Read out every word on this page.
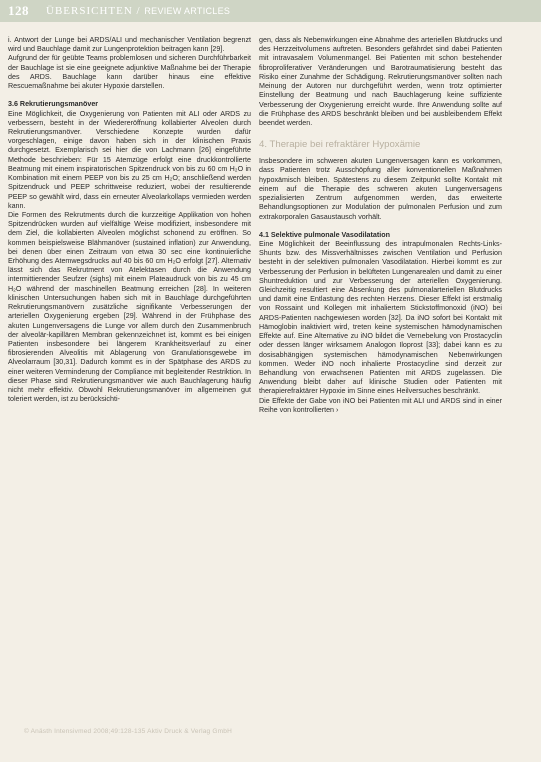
128 ÜBERSICHTEN / REVIEW ARTICLES

i. Antwort der Lunge bei ARDS/ALI und mechanischer Ventilation begrenzt wird und Bauchlage damit zur Lungenprotektion beitragen kann [29].

Aufgrund der für geübte Teams problemlosen und sicheren Durchführbarkeit der Bauchlage ist sie eine geeignete adjunktive Maßnahme bei der Therapie des ARDS. Bauchlage kann darüber hinaus eine effektive Rescuemaßnahme bei akuter Hypoxie darstellen.

3.6 Rekrutierungsmanöver

Eine Möglichkeit, die Oxygenierung von Patienten mit ALI oder ARDS zu verbessern, besteht in der Wiedereröffnung kollabierter Alveolen durch Rekrutierungsmanöver. Verschiedene Konzepte wurden dafür vorgeschlagen, einige davon haben sich in der klinischen Praxis durchgesetzt. Exemplarisch sei hier die von Lachmann [26] eingeführte Methode beschrieben: Für 15 Atemzüge erfolgt eine druckkontrollierte Beatmung mit einem inspiratorischen Spitzendruck von bis zu 60 cm H₂O in Kombination mit einem PEEP von bis zu 25 cm H₂O; anschließend werden Spitzendruck und PEEP schrittweise reduziert, wobei der resultierende PEEP so gewählt wird, dass ein erneuter Alveolarkollaps vermieden werden kann.

Die Formen des Rekrutments durch die kurzzeitige Applikation von hohen Spitzendrücken wurden auf vielfältige Weise modifiziert, insbesondere mit dem Ziel, die kollabierten Alveolen möglichst schonend zu eröffnen. So kommen beispielsweise Blähmanöver (sustained inflation) zur Anwendung, bei denen über einen Zeitraum von etwa 30 sec eine kontinuierliche Erhöhung des Atemwegsdrucks auf 40 bis 60 cm H₂O erfolgt [27]. Alternativ lässt sich das Rekrutment von Atelektasen durch die Anwendung intermittierender Seufzer (sighs) mit einem Plateaudruck von bis zu 45 cm H₂O während der maschinellen Beatmung erreichen [28]. In weiteren klinischen Untersuchungen haben sich mit in Bauchlage durchgeführten Rekrutierungsmanövern zusätzliche signifikante Verbesserungen der arteriellen Oxygenierung ergeben [29]. Während in der Frühphase des akuten Lungenversagens die Lunge vor allem durch den Zusammenbruch der alveolär-kapillären Membran gekennzeichnet ist, kommt es bei einigen Patienten insbesondere bei längerem Krankheitsverlauf zu einer fibrosierenden Alveolitis mit Ablagerung von Granulationsgewebe im Alveolarraum [30,31]. Dadurch kommt es in der Spätphase des ARDS zu einer weiteren Verminderung der Compliance mit begleitender Restriktion. In dieser Phase sind Rekrutierungsmanöver wie auch Bauchlagerung häufig nicht mehr effektiv. Obwohl Rekrutierungsmanöver im allgemeinen gut toleriert werden, ist zu berücksichti-

gen, dass als Nebenwirkungen eine Abnahme des arteriellen Blutdrucks und des Herzzeitvolumens auftreten. Besonders gefährdet sind dabei Patienten mit intravasalem Volumenmangel. Bei Patienten mit schon bestehender fibroproliferativer Veränderungen und Barotraumatisierung besteht das Risiko einer Zunahme der Schädigung. Rekrutierungsmanöver sollten nach Meinung der Autoren nur durchgeführt werden, wenn trotz optimierter Einstellung der Beatmung und nach Bauchlagerung keine suffiziente Verbesserung der Oxygenierung erreicht wurde. Ihre Anwendung sollte auf die Frühphase des ARDS beschränkt bleiben und bei ausbleibendem Effekt beendet werden.

4. Therapie bei refraktärer Hypoxämie

Insbesondere im schweren akuten Lungenversagen kann es vorkommen, dass Patienten trotz Ausschöpfung aller konventionellen Maßnahmen hypoxämisch bleiben. Spätestens zu diesem Zeitpunkt sollte Kontakt mit einem auf die Therapie des schweren akuten Lungenversagens spezialisierten Zentrum aufgenommen werden, das erweiterte Behandlungsoptionen zur Modulation der pulmonalen Perfusion und zum extrakorporalen Gasaustausch vorhält.

4.1 Selektive pulmonale Vasodilatation

Eine Möglichkeit der Beeinflussung des intrapulmonalen Rechts-Links-Shunts bzw. des Missverhältnisses zwischen Ventilation und Perfusion besteht in der selektiven pulmonalen Vasodilatation. Hierbei kommt es zur Verbesserung der Perfusion in belüfteten Lungenarealen und damit zu einer Shuntreduktion und zur Verbesserung der arteriellen Oxygenierung. Gleichzeitig resultiert eine Absenkung des pulmonalarteriellen Blutdrucks und damit eine Entlastung des rechten Herzens. Dieser Effekt ist erstmalig von Rossaint und Kollegen mit inhaliertem Stickstoffmonoxid (iNO) bei ARDS-Patienten nachgewiesen worden [32]. Da iNO sofort bei Kontakt mit Hämoglobin inaktiviert wird, treten keine systemischen hämodynamischen Effekte auf. Eine Alternative zu iNO bildet die Vernebelung von Prostacyclin oder dessen länger wirksamem Analogon Iloprost [33]; dabei kann es zu dosisabhängigen systemischen hämodynamischen Nebenwirkungen kommen. Weder iNO noch inhalierte Prostacycline sind derzeit zur Behandlung von erwachsenen Patienten mit ARDS zugelassen. Die Anwendung bleibt daher auf klinische Studien oder Patienten mit therapierefraktärer Hypoxie im Sinne eines Heilversuches beschränkt.

Die Effekte der Gabe von iNO bei Patienten mit ALI und ARDS sind in einer Reihe von kontrollierten ›

© Anästh Intensivmed 2008;49:128-135 Aktiv Druck & Verlag GmbH
